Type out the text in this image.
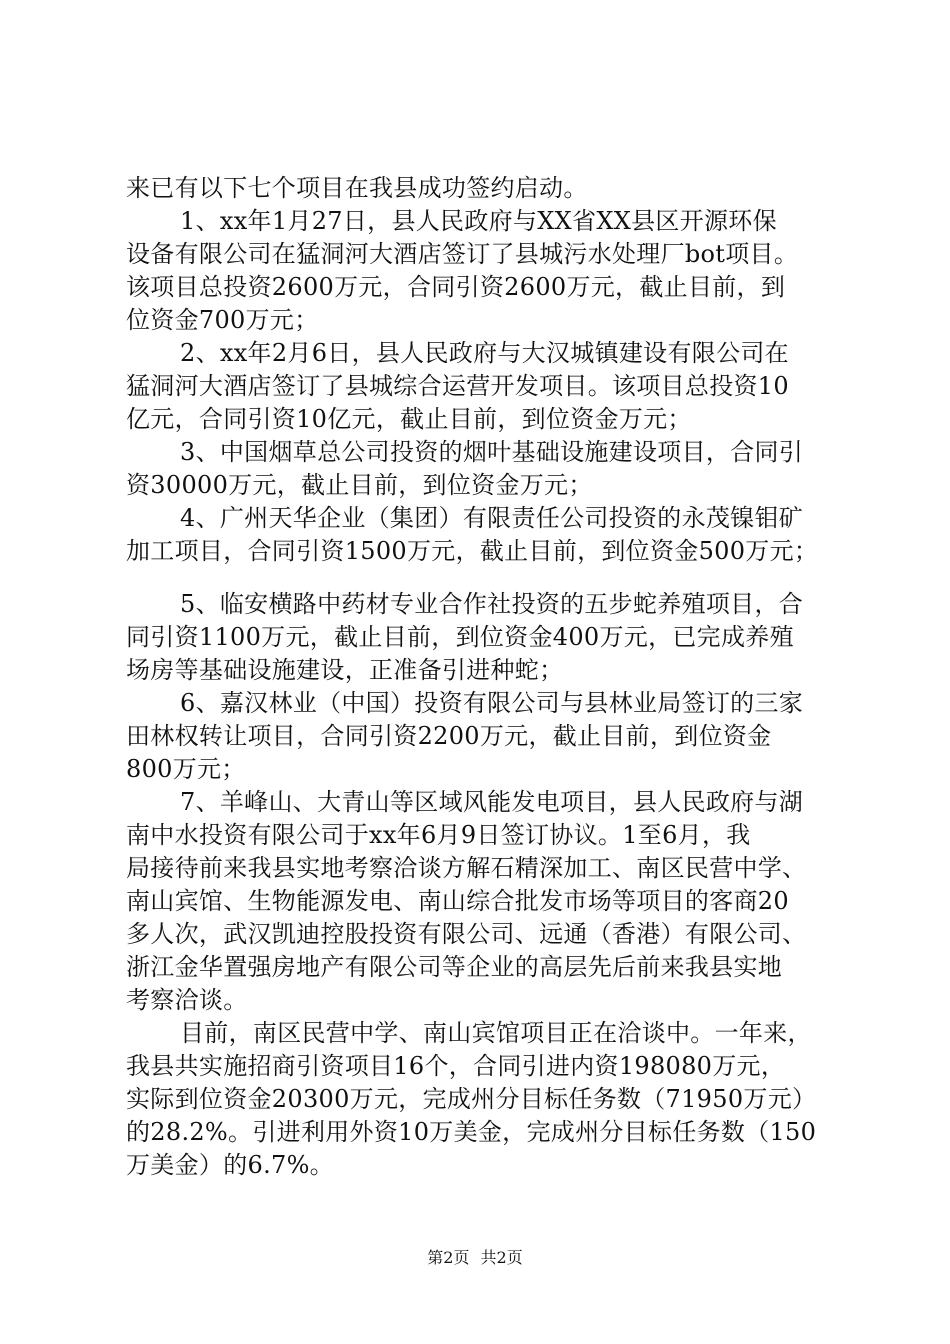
来已有以下七个项目在我县成功签约启动。
1、xx年1月27日，县人民政府与XX省XX县区开源环保
设备有限公司在猛洞河大酒店签订了县城污水处理厂bot项目。
该项目总投资2600万元，合同引资2600万元，截止目前，到
位资金700万元；
2、xx年2月6日，县人民政府与大汉城镇建设有限公司在
猛洞河大酒店签订了县城综合运营开发项目。该项目总投资10
亿元，合同引资10亿元，截止目前，到位资金万元；
3、中国烟草总公司投资的烟叶基础设施建设项目，合同引
资30000万元，截止目前，到位资金万元；
4、广州天华企业（集团）有限责任公司投资的永茂镍钼矿
加工项目，合同引资1500万元，截止目前，到位资金500万元；
5、临安横路中药材专业合作社投资的五步蛇养殖项目，合
同引资1100万元，截止目前，到位资金400万元，已完成养殖
场房等基础设施建设，正准备引进种蛇；
6、嘉汉林业（中国）投资有限公司与县林业局签订的三家
田林权转让项目，合同引资2200万元，截止目前，到位资金
800万元；
7、羊峰山、大青山等区域风能发电项目，县人民政府与湖
南中水投资有限公司于xx年6月9日签订协议。1至6月，我
局接待前来我县实地考察洽谈方解石精深加工、南区民营中学、
南山宾馆、生物能源发电、南山综合批发市场等项目的客商20
多人次，武汉凯迪控股投资有限公司、远通（香港）有限公司、
浙江金华置强房地产有限公司等企业的高层先后前来我县实地
考察洽谈。
目前，南区民营中学、南山宾馆项目正在洽谈中。一年来，
我县共实施招商引资项目16个，合同引进内资198080万元，
实际到位资金20300万元，完成州分目标任务数（71950万元）
的28.2%。引进利用外资10万美金，完成州分目标任务数（150
万美金）的6.7%。
第2页 共2页
